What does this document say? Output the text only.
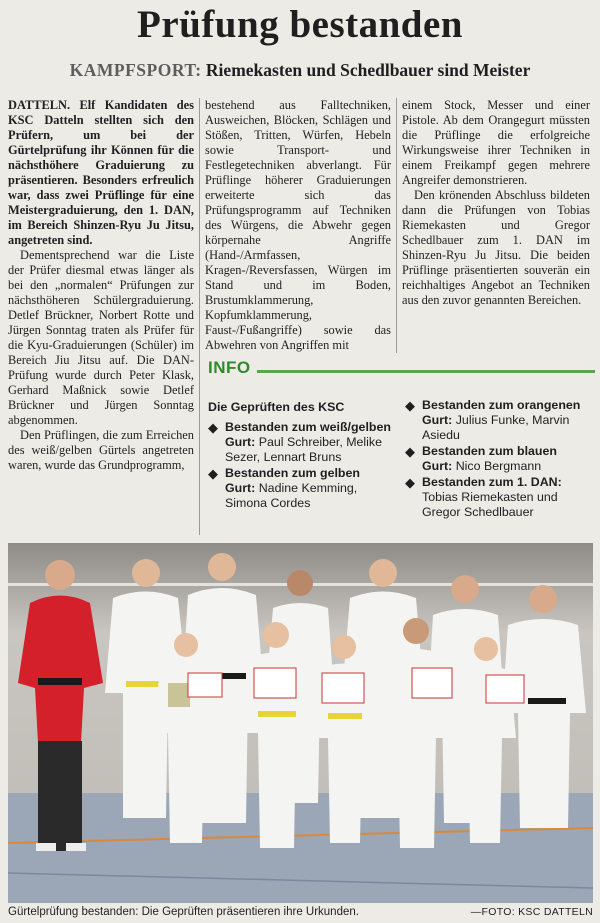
Prüfung bestanden
KAMPFSPORT: Riemekasten und Schedlbauer sind Meister

DATTELN. Elf Kandidaten des KSC Datteln stellten sich den Prüfern, um bei der Gürtelprüfung ihr Können für die nächsthöhere Graduierung zu präsentieren. Besonders erfreulich war, dass zwei Prüflinge für eine Meistergraduierung, den 1. DAN, im Bereich Shinzen-Ryu Ju Jitsu, angetreten sind.

Dementsprechend war die Liste der Prüfer diesmal etwas länger als bei den „normalen“ Prüfungen zur nächsthöheren Schülergraduierung. Detlef Brückner, Norbert Rotte und Jürgen Sonntag traten als Prüfer für die Kyu-Graduierungen (Schüler) im Bereich Jiu Jitsu auf. Die DAN-Prüfung wurde durch Peter Klask, Gerhard Maßnick sowie Detlef Brückner und Jürgen Sonntag abgenommen.

Den Prüflingen, die zum Erreichen des weiß/gelben Gürtels angetreten waren, wurde das Grundprogramm,

bestehend aus Falltechniken, Ausweichen, Blöcken, Schlägen und Stößen, Tritten, Würfen, Hebeln sowie Transport- und Festlegetechniken abverlangt. Für Prüflinge höherer Graduierungen erweiterte sich das Prüfungsprogramm auf Techniken des Würgens, die Abwehr gegen körpernahe Angriffe (Hand-/Armfassen, Kragen-/Reversfassen, Würgen im Stand und im Boden, Brustumklammerung, Kopfumklammerung, Faust-/Fußangriffe) sowie das Abwehren von Angriffen mit

einem Stock, Messer und einer Pistole. Ab dem Orangegurt müssten die Prüflinge die erfolgreiche Wirkungsweise ihrer Techniken in einem Freikampf gegen mehrere Angreifer demonstrieren.

Den krönenden Abschluss bildeten dann die Prüfungen von Tobias Riemekasten und Gregor Schedlbauer zum 1. DAN im Shinzen-Ryu Ju Jitsu. Die beiden Prüflinge präsentierten souverän ein reichhaltiges Angebot an Techniken aus den zuvor genannten Bereichen.

INFO
Die Geprüften des KSC
◆ Bestanden zum weiß/gelben Gurt: Paul Schreiber, Melike Sezer, Lennart Bruns
◆ Bestanden zum gelben Gurt: Nadine Kemming, Simona Cordes
◆ Bestanden zum orangenen Gurt: Julius Funke, Marvin Asiedu
◆ Bestanden zum blauen Gurt: Nico Bergmann
◆ Bestanden zum 1. DAN: Tobias Riemekasten und Gregor Schedlbauer
Gürtelprüfung bestanden: Die Geprüften präsentieren ihre Urkunden.	—FOTO: KSC DATTELN
